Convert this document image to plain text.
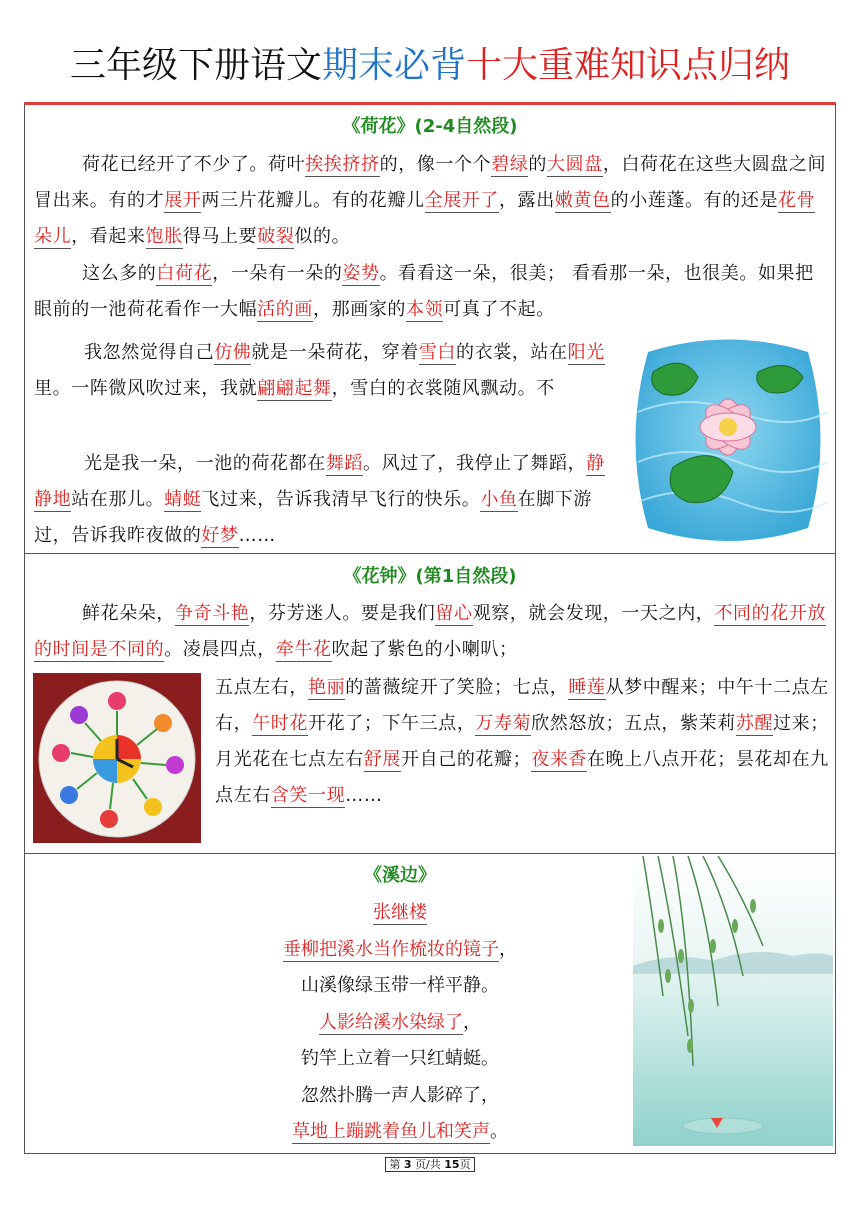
三年级下册语文期末必背十大重难知识点归纳
《荷花》(2-4自然段)

荷花已经开了不少了。荷叶挨挨挤挤的，像一个个碧绿的大圆盘，白荷花在这些大圆盘之间冒出来。有的才展开两三片花瓣儿。有的花瓣儿全展开了，露出嫩黄色的小莲蓬。有的还是花骨朵儿，看起来饱胀得马上要破裂似的。

这么多的白荷花，一朵有一朵的姿势。看看这一朵，很美； 看看那一朵，也很美。如果把眼前的一池荷花看作一大幅活的画，那画家的本领可真了不起。

我忽然觉得自己仿佛就是一朵荷花，穿着雪白的衣裳，站在阳光里。一阵微风吹过来，我就翩翩起舞，雪白的衣裳随风飘动。不

光是我一朵，一池的荷花都在舞蹈。风过了，我停止了舞蹈，静静地站在那儿。蜻蜓飞过来，告诉我清早飞行的快乐。小鱼在脚下游过，告诉我昨夜做的好梦……

《花钟》(第1自然段)

鲜花朵朵，争奇斗艳，芬芳迷人。要是我们留心观察，就会发现，一天之内，不同的花开放的时间是不同的。凌晨四点，牵牛花吹起了紫色的小喇叭；

五点左右，艳丽的蔷薇绽开了笑脸；七点，睡莲从梦中醒来；中午十二点左右，午时花开花了；下午三点，万寿菊欣然怒放；五点，紫茉莉苏醒过来；月光花在七点左右舒展开自己的花瓣；夜来香在晚上八点开花；昙花却在九点左右含笑一现……

《溪边》
张继楼
垂柳把溪水当作梳妆的镜子，
山溪像绿玉带一样平静。
人影给溪水染绿了，
钓竿上立着一只红蜻蜓。
忽然扑腾一声人影碎了，
草地上蹦跳着鱼儿和笑声。
第 3 页/共 15页
